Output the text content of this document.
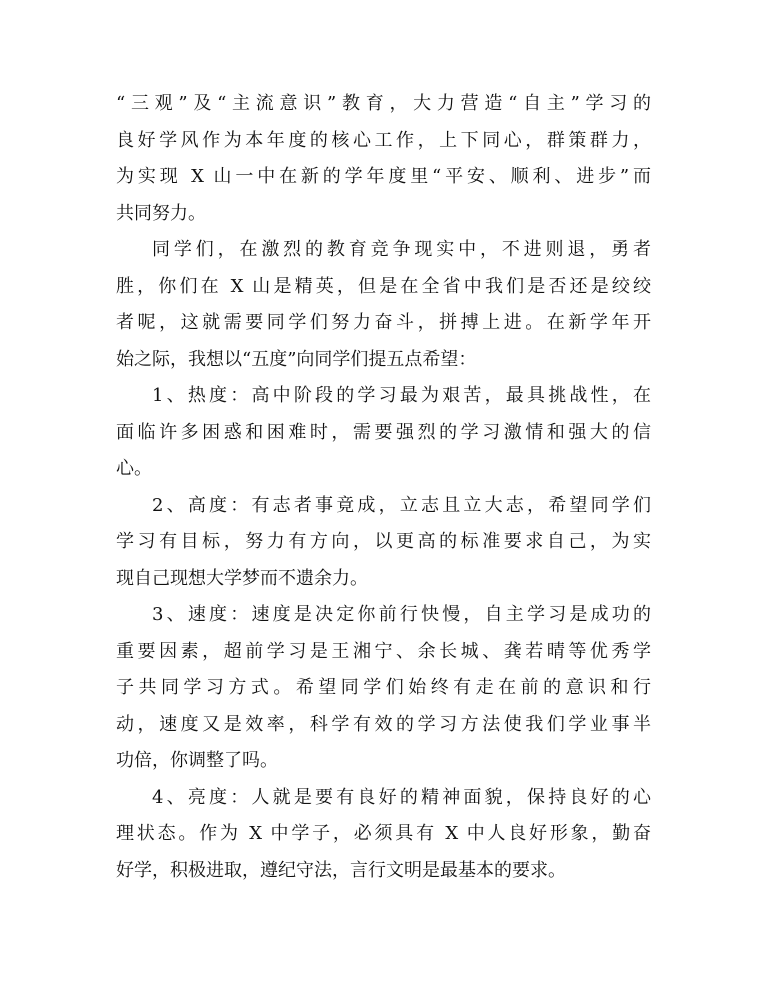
“三观”及“主流意识”教育，大力营造“自主”学习的
良好学风作为本年度的核心工作，上下同心，群策群力，
为实现 X 山一中在新的学年度里“平安、顺利、进步”而
共同努力。
同学们，在激烈的教育竞争现实中，不进则退，勇者
胜，你们在 X 山是精英，但是在全省中我们是否还是绞绞
者呢，这就需要同学们努力奋斗，拼搏上进。在新学年开
始之际，我想以“五度”向同学们提五点希望：
1、热度：高中阶段的学习最为艰苦，最具挑战性，在
面临许多困惑和困难时，需要强烈的学习激情和强大的信
心。
2、高度：有志者事竟成，立志且立大志，希望同学们
学习有目标，努力有方向，以更高的标准要求自己，为实
现自己现想大学梦而不遗余力。
3、速度：速度是决定你前行快慢，自主学习是成功的
重要因素，超前学习是王湘宁、余长城、龚若晴等优秀学
子共同学习方式。希望同学们始终有走在前的意识和行
动，速度又是效率，科学有效的学习方法使我们学业事半
功倍，你调整了吗。
4、亮度：人就是要有良好的精神面貌，保持良好的心
理状态。作为 X 中学子，必须具有 X 中人良好形象，勤奋
好学，积极进取，遵纪守法，言行文明是最基本的要求。
